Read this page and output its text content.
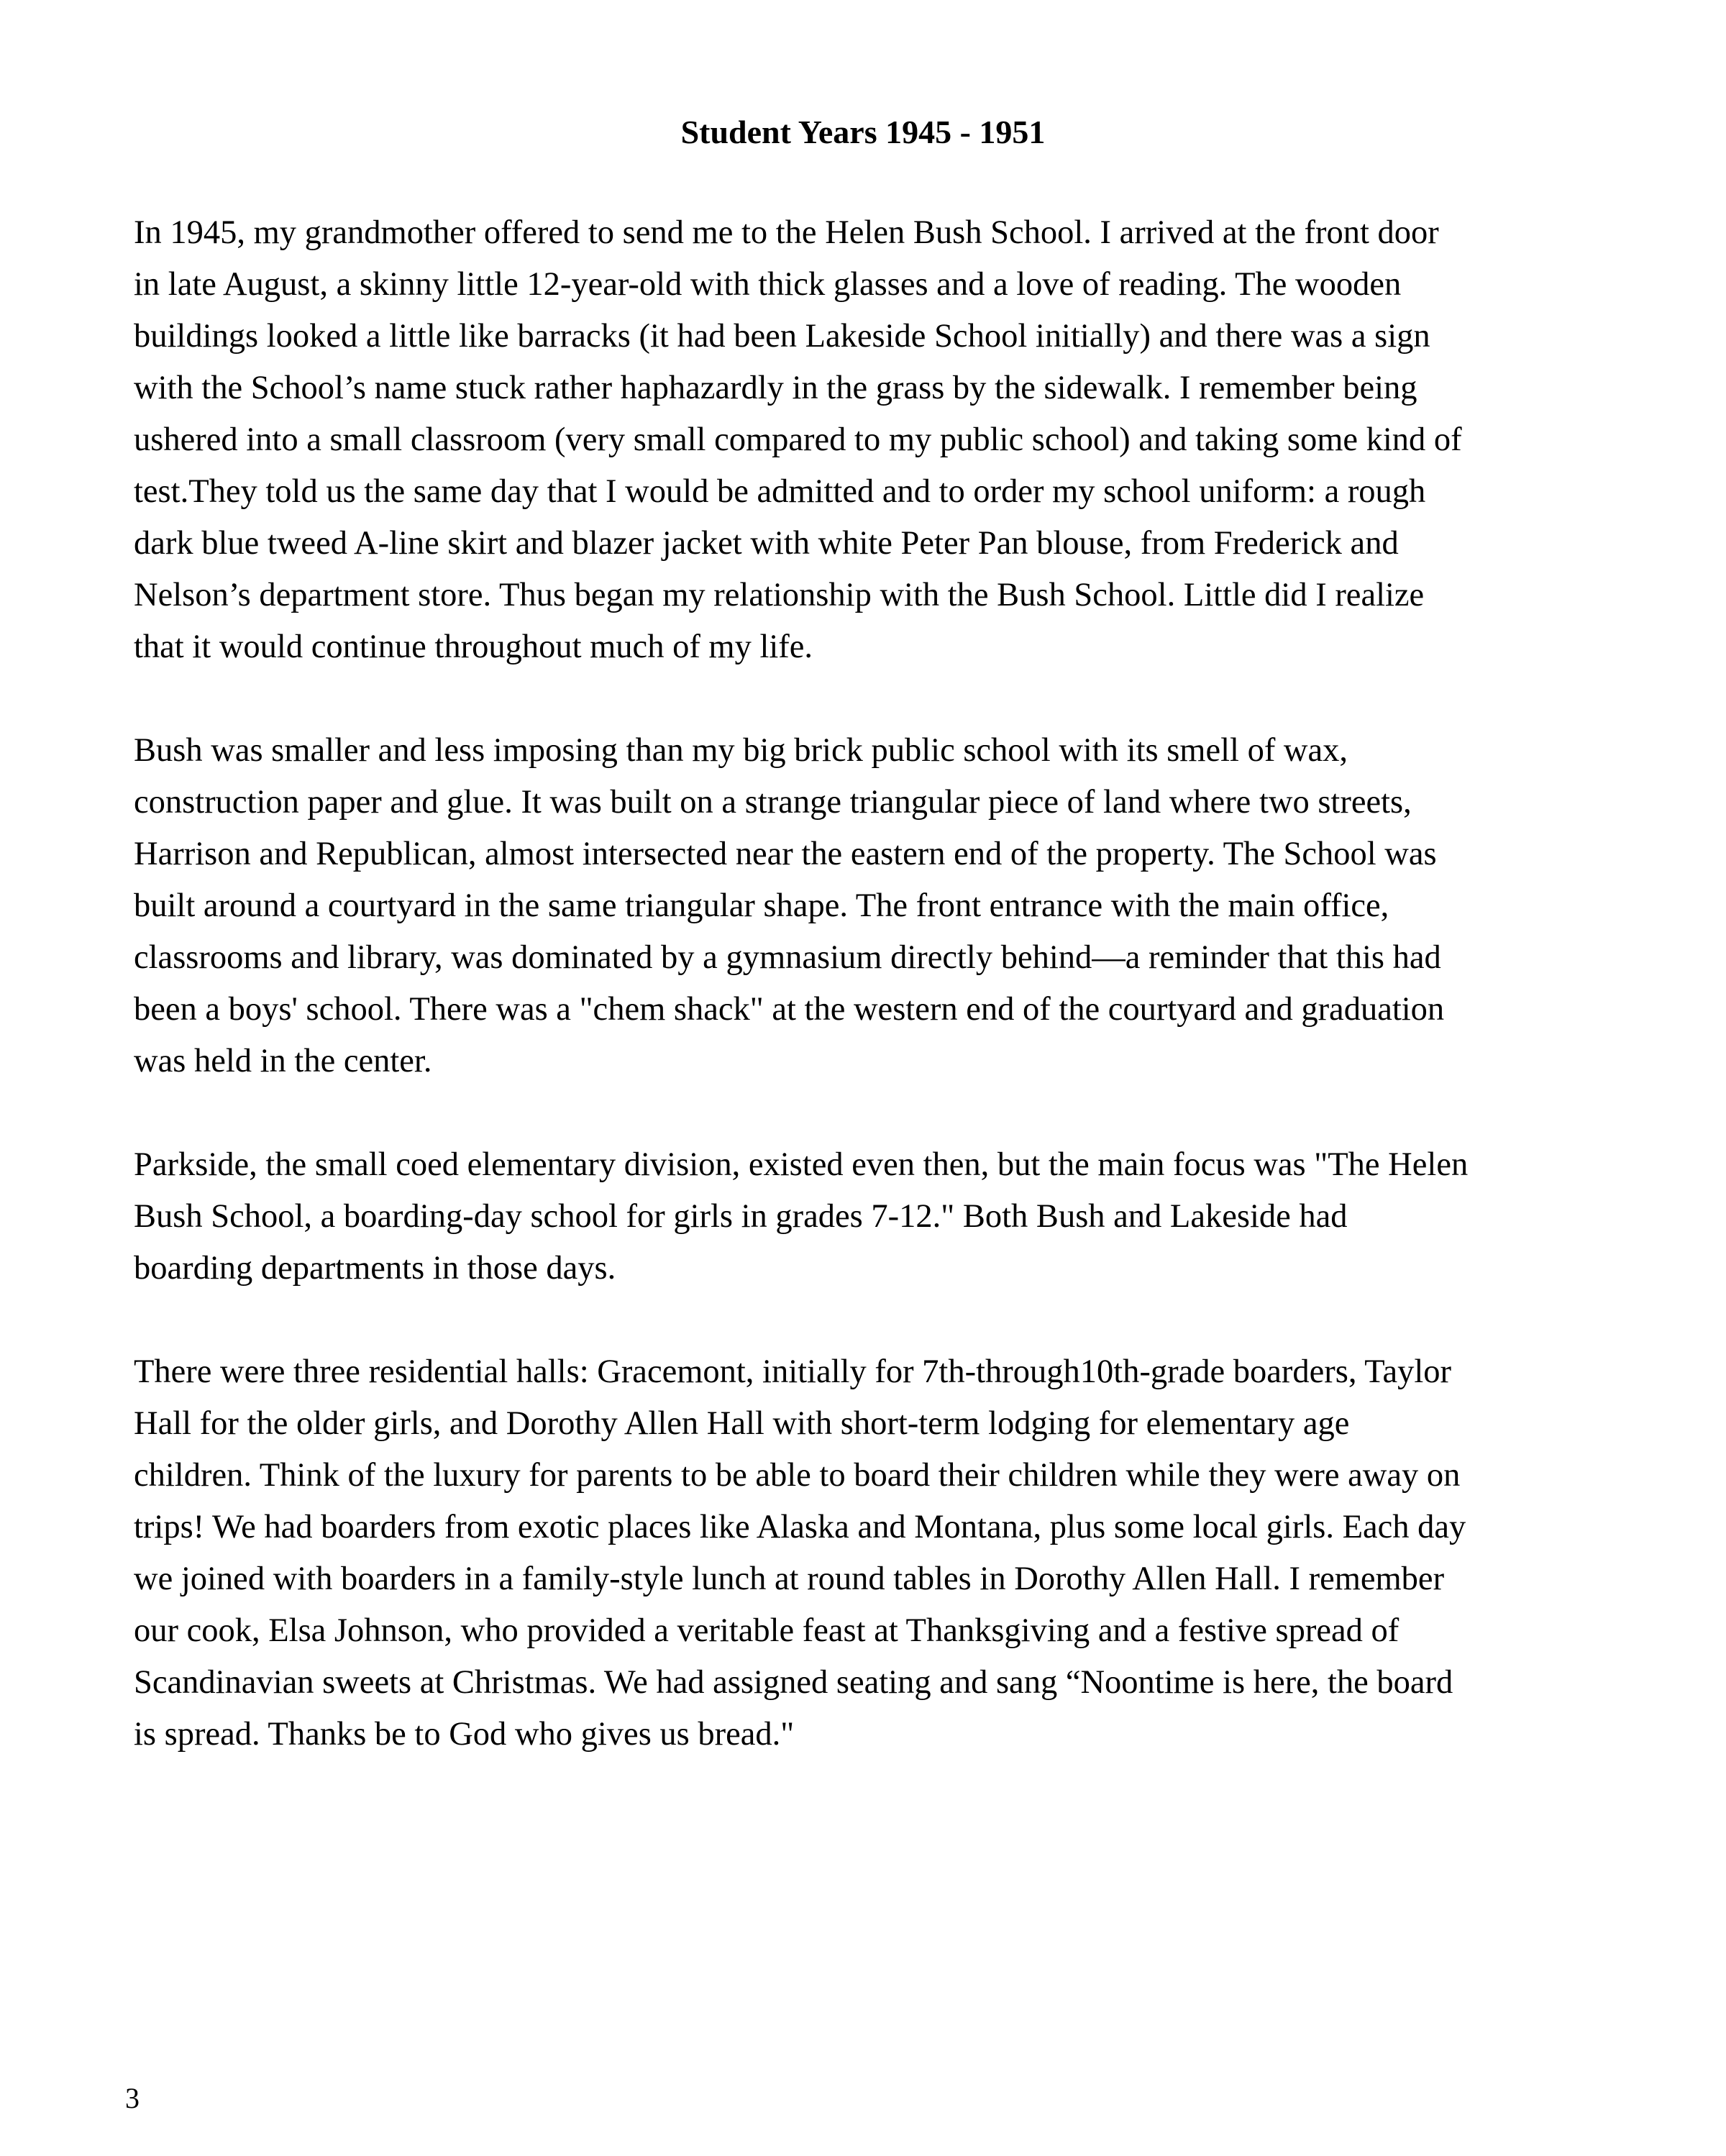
Student Years 1945 - 1951

In 1945, my grandmother offered to send me to the Helen Bush School. I arrived at the front door
in late August, a skinny little 12-year-old with thick glasses and a love of reading. The wooden
buildings looked a little like barracks (it had been Lakeside School initially) and there was a sign
with the School’s name stuck rather haphazardly in the grass by the sidewalk. I remember being
ushered into a small classroom (very small compared to my public school) and taking some kind of
test.They told us the same day that I would be admitted and to order my school uniform: a rough
dark blue tweed A-line skirt and blazer jacket with white Peter Pan blouse, from Frederick and
Nelson’s department store. Thus began my relationship with the Bush School. Little did I realize
that it would continue throughout much of my life.

Bush was smaller and less imposing than my big brick public school with its smell of wax,
construction paper and glue. It was built on a strange triangular piece of land where two streets,
Harrison and Republican, almost intersected near the eastern end of the property. The School was
built around a courtyard in the same triangular shape. The front entrance with the main office,
classrooms and library, was dominated by a gymnasium directly behind—a reminder that this had
been a boys' school. There was a "chem shack" at the western end of the courtyard and graduation
was held in the center.

Parkside, the small coed elementary division, existed even then, but the main focus was "The Helen
Bush School, a boarding-day school for girls in grades 7-12." Both Bush and Lakeside had
boarding departments in those days.

There were three residential halls: Gracemont, initially for 7th-through10th-grade boarders, Taylor
Hall for the older girls, and Dorothy Allen Hall with short-term lodging for elementary age
children. Think of the luxury for parents to be able to board their children while they were away on
trips! We had boarders from exotic places like Alaska and Montana, plus some local girls. Each day
we joined with boarders in a family-style lunch at round tables in Dorothy Allen Hall. I remember
our cook, Elsa Johnson, who provided a veritable feast at Thanksgiving and a festive spread of
Scandinavian sweets at Christmas. We had assigned seating and sang “Noontime is here, the board
is spread. Thanks be to God who gives us bread."

3
